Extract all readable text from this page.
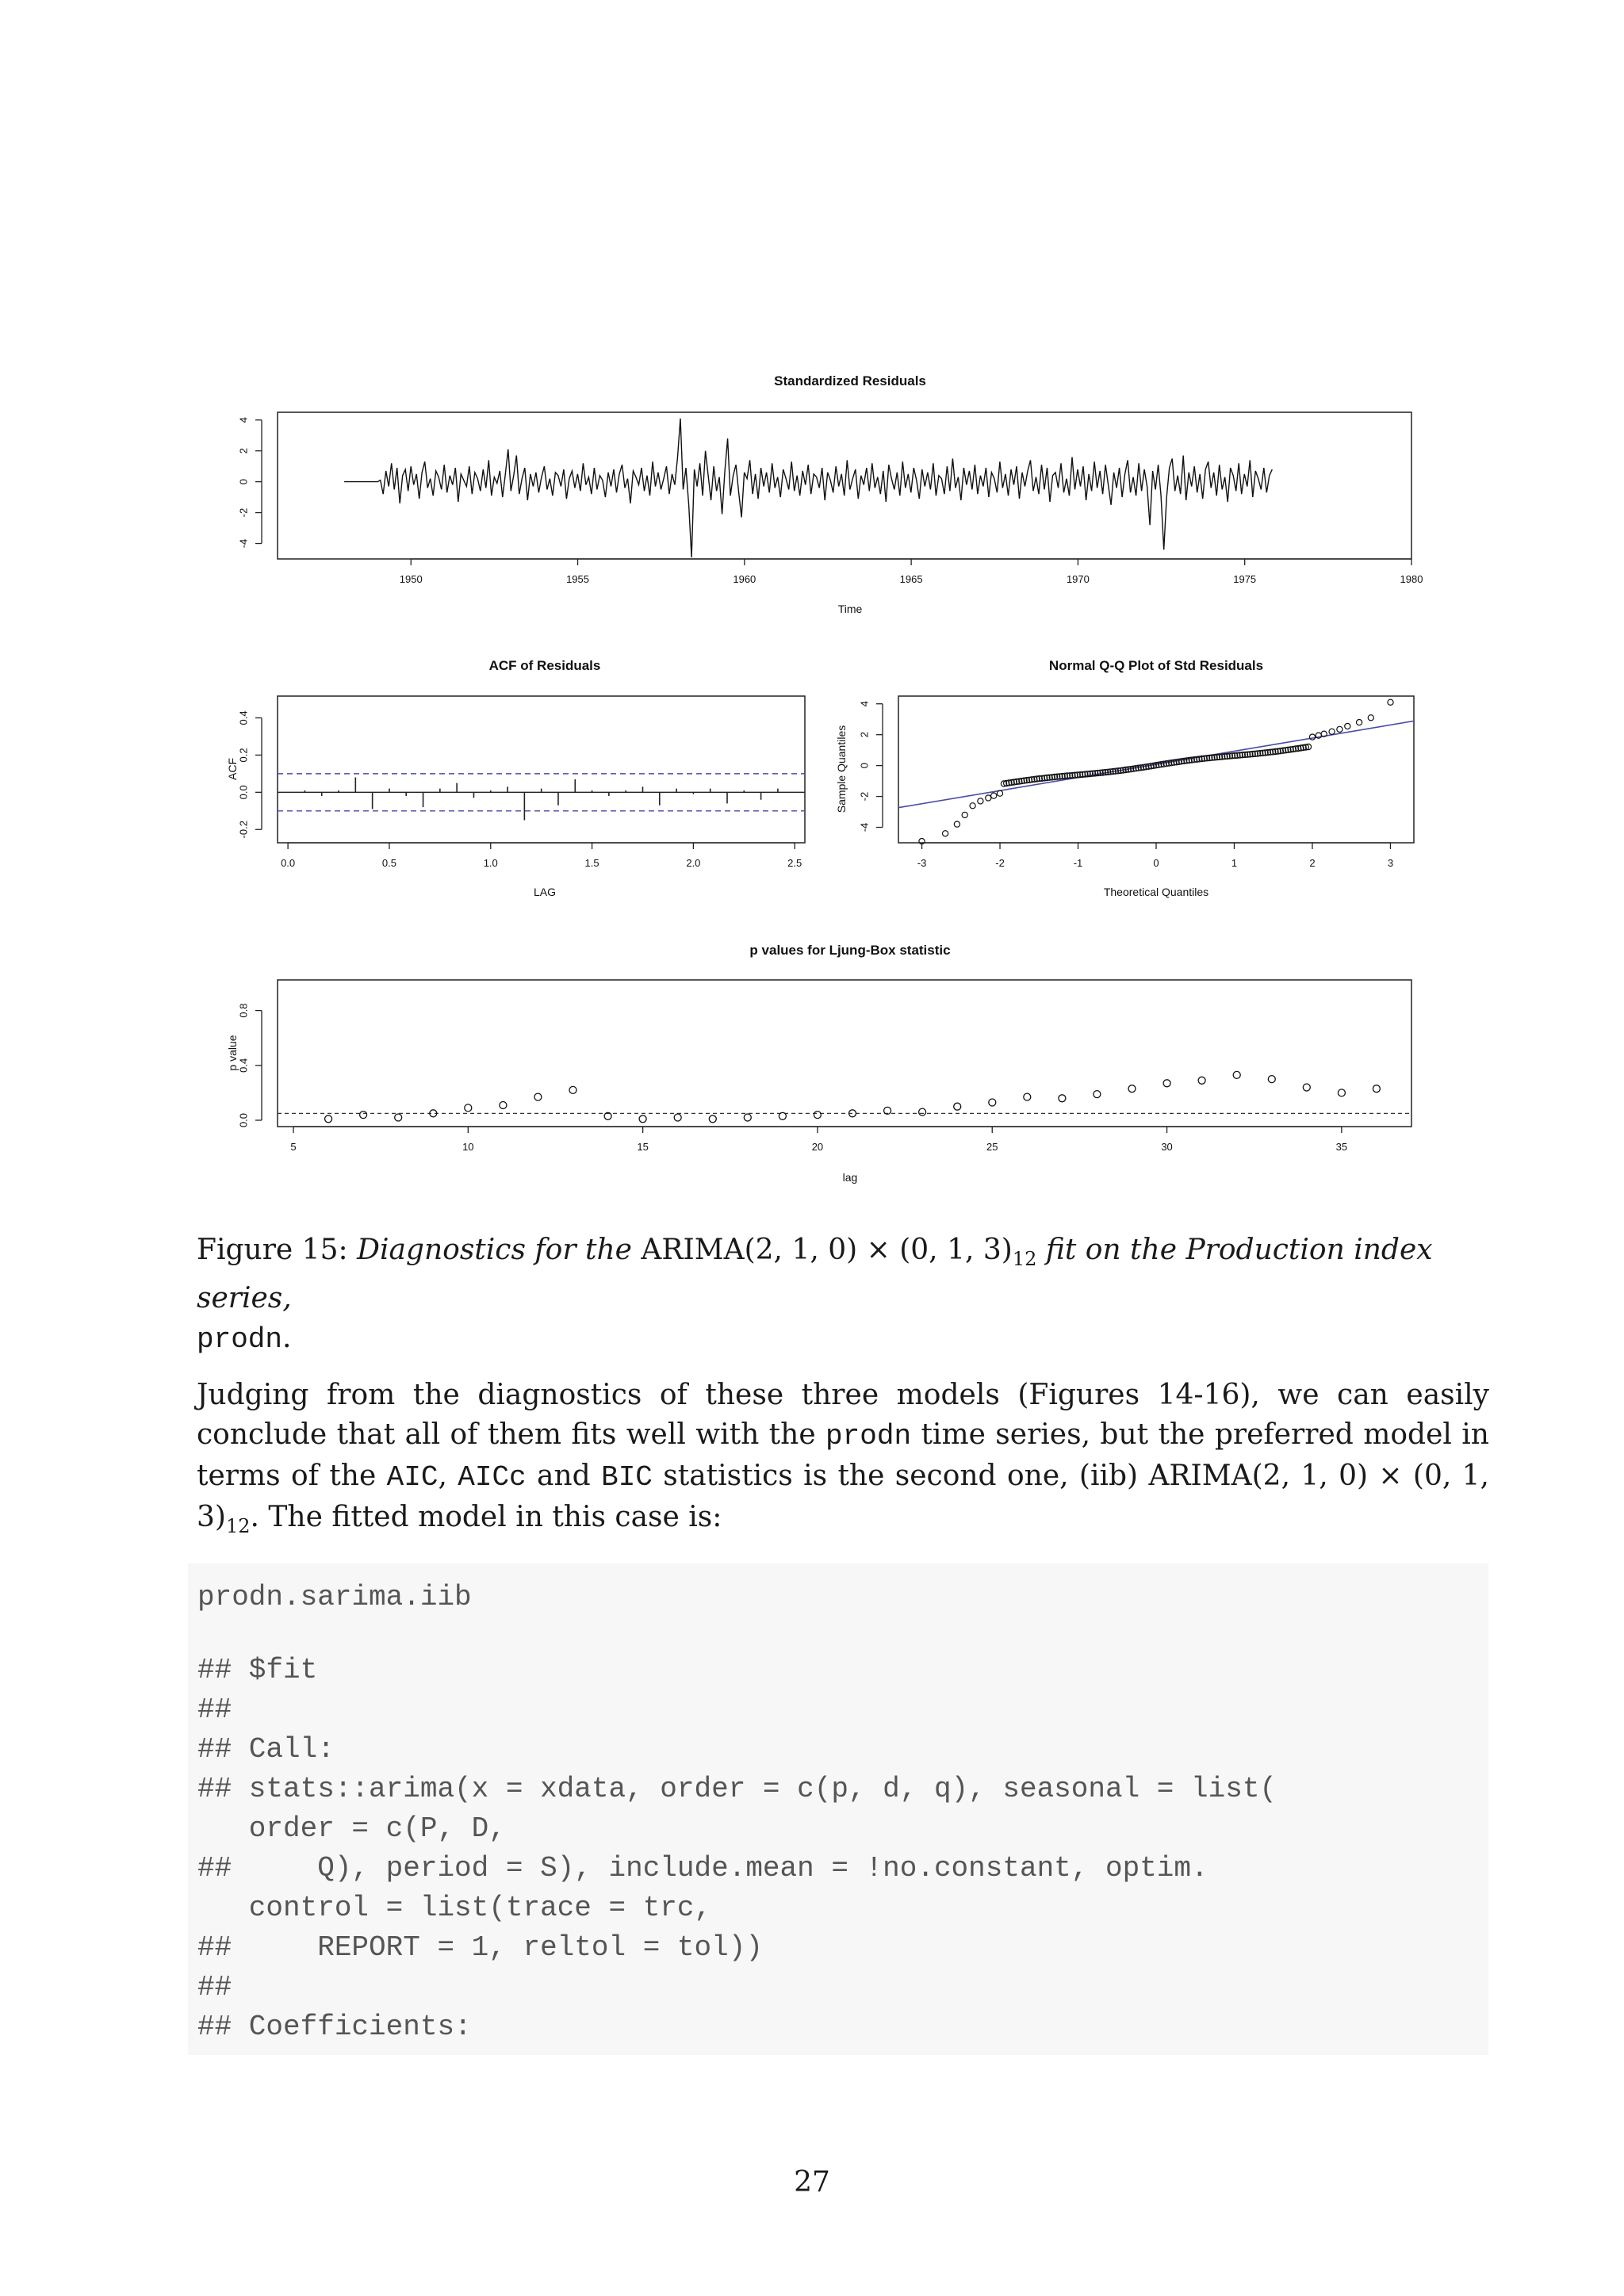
Standardized Residuals
1950	1955	1960	1965	1970	1975	1980
-4
-2
0
2
4
Time
ACF of Residuals
0.0	0.5	1.0	1.5	2.0	2.5
-0.2
0.0
0.2
0.4
LAG
ACF
Normal Q-Q Plot of Std Residuals
-3	-2	-1	0	1	2	3
-4
-2
0
2
4
Theoretical Quantiles
Sample Quantiles
p values for Ljung-Box statistic
5	10	15	20	25	30	35
0.0
0.4
0.8
lag
p value
Figure 15: Diagnostics for the ARIMA(2, 1, 0) × (0, 1, $3)_{12}$ fit on the Production index series,
prodn.
Judging from the diagnostics of these three models (Figures 14-16), we can easily conclude that all of them fits well with the prodn time series, but the preferred model in terms of the AIC, AICc and BIC statistics is the second one, (iib) ARIMA(2, 1, 0) × (0, 1, $3)_{12}$. The fitted model in this case is:
prodn.sarima.iib
## $fit
##
## Call:
## stats::arima(x = xdata, order = c(p, d, q), seasonal = list(
order = c(P, D,
##     Q), period = S), include.mean = !no.constant, optim.
control = list(trace = trc,
##     REPORT = 1, reltol = tol))
##
## Coefficients:
27
